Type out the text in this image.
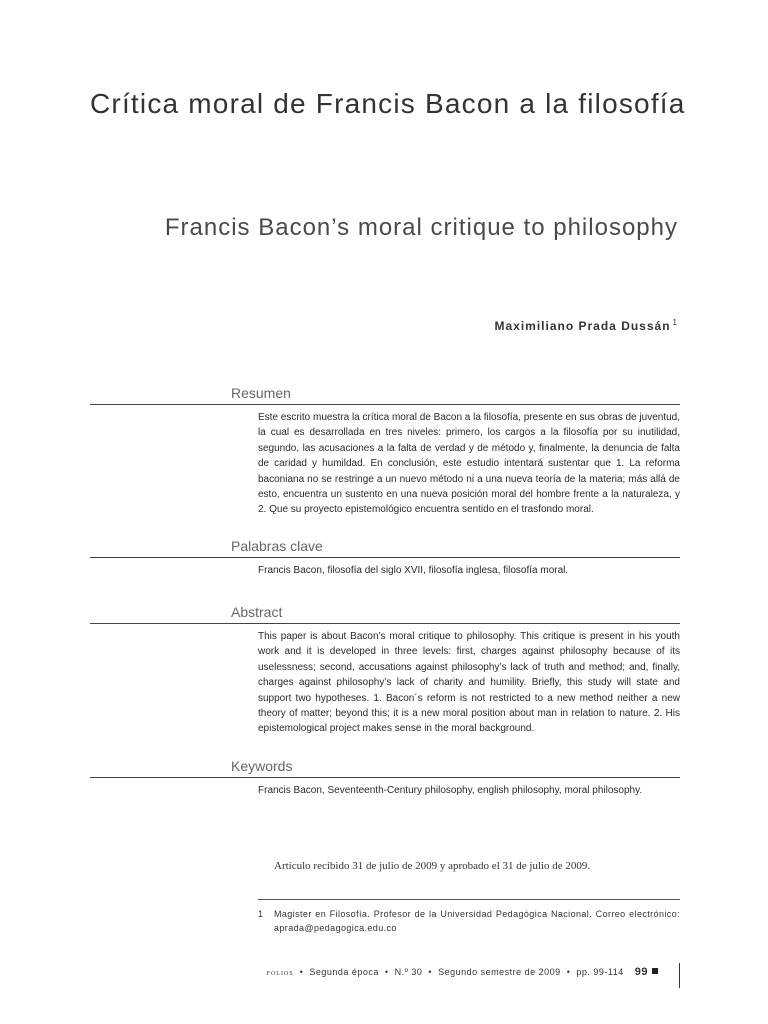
Crítica moral de Francis Bacon a la filosofía
Francis Bacon’s moral critique to philosophy
Maximiliano Prada Dussán $^1$
Resumen
Este escrito muestra la crítica moral de Bacon a la filosofía, presente en sus obras de juventud, la cual es desarrollada en tres niveles: primero, los cargos a la filosofía por su inutilidad, segundo, las acusaciones a la falta de verdad y de método y, finalmente, la denuncia de falta de caridad y humildad. En conclusión, este estudio intentará sustentar que 1. La reforma baconiana no se restringe a un nuevo método ni a una nueva teoría de la materia; más allá de esto, encuentra un sustento en una nueva posición moral del hombre frente a la naturaleza, y 2. Que su proyecto epistemológico encuentra sentido en el trasfondo moral.
Palabras clave
Francis Bacon, filosofía del siglo XVII, filosofía inglesa, filosofía moral.
Abstract
This paper is about Bacon’s moral critique to philosophy. This critique is present in his youth work and it is developed in three levels: first, charges against philosophy because of its uselessness; second, accusations against philosophy’s lack of truth and method; and, finally, charges against philosophy’s lack of charity and humility. Briefly, this study will state and support two hypotheses. 1. Bacon´s reform is not restricted to a new method neither a new theory of matter; beyond this; it is a new moral position about man in relation to nature. 2. His epistemological project makes sense in the moral background.
Keywords
Francis Bacon, Seventeenth-Century philosophy, english philosophy, moral philosophy.
Artículo recibido 31 de julio de 2009 y aprobado el 31 de julio de 2009.
1 Magister en Filosofía. Profesor de la Universidad Pedagógica Nacional. Correo electrónico: aprada@pedagogica.edu.co
folios • Segunda época • N.º 30 • Segundo semestre de 2009 • pp. 99-114 99
